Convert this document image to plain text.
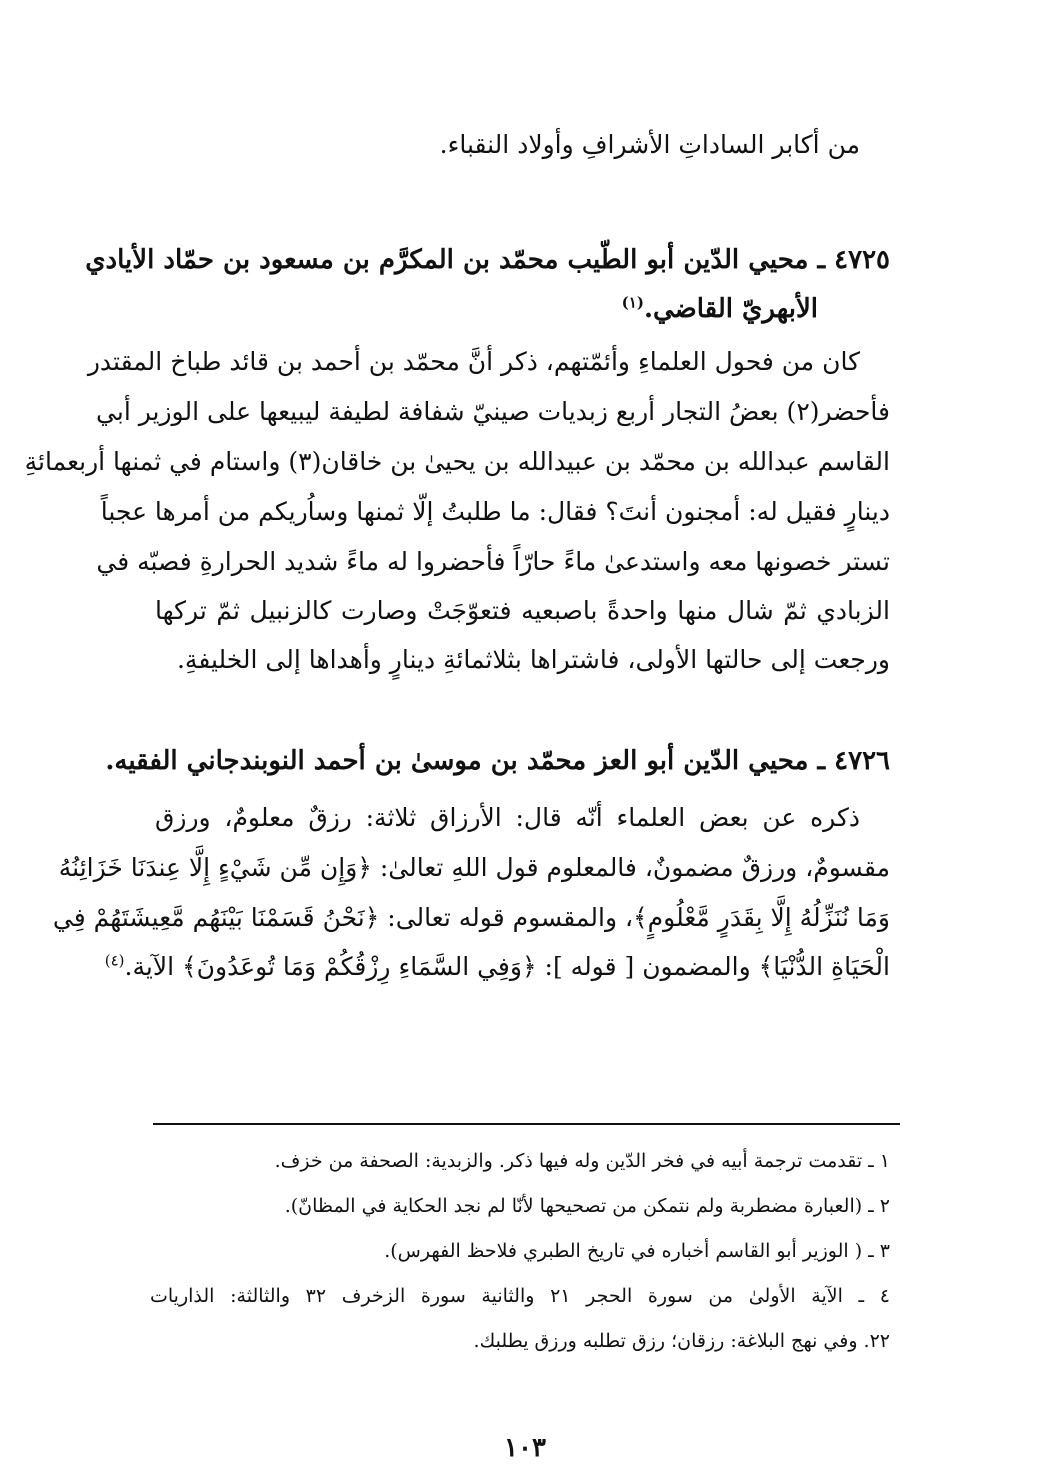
من أكابر الساداتِ الأشرافِ وأولاد النقباء.
٤٧٢٥ ـ محيي الدّين أبو الطّيب محمّد بن المكرَّم بن مسعود بن حمّاد الأيادي
الأبهريّ القاضي.$^{(١)}$
كان من فحول العلماءِ وأئمّتهم، ذكر أنَّ محمّد بن أحمد بن قائد طباخ المقتدر
فأحضر(٢) بعضُ التجار أربع زبديات صينيّ شفافة لطيفة ليبيعها على الوزير أبي
القاسم عبدالله بن محمّد بن عبيدالله بن يحيىٰ بن خاقان(٣) واستام في ثمنها أربعمائةِ
دينارٍ فقيل له: أمجنون أنتَ؟ فقال: ما طلبتُ إلّا ثمنها وساُريكم من أمرها عجباً
تستر خصونها معه واستدعىٰ ماءً حارّاً فأحضروا له ماءً شديد الحرارةِ فصبّه في
الزبادي ثمّ شال منها واحدةً باصبعيه فتعوّجَتْ وصارت كالزنبيل ثمّ تركها
ورجعت إلى حالتها الأولى، فاشتراها بثلاثمائةِ دينارٍ وأهداها إلى الخليفةِ.
٤٧٢٦ ـ محيي الدّين أبو العز محمّد بن موسىٰ بن أحمد النوبندجاني الفقيه.
ذكره عن بعض العلماء أنّه قال: الأرزاق ثلاثة: رزقٌ معلومٌ، ورزق
مقسومٌ، ورزقٌ مضمونٌ، فالمعلوم قول اللهِ تعالىٰ: ﴿وَإِن مِّن شَيْءٍ إِلَّا عِندَنَا خَزَائِنُهُ
وَمَا نُنَزِّلُهُ إِلَّا بِقَدَرٍ مَّعْلُومٍ﴾، والمقسوم قوله تعالى: ﴿نَحْنُ قَسَمْنَا بَيْنَهُم مَّعِيشَتَهُمْ فِي
الْحَيَاةِ الدُّنْيَا﴾ والمضمون [ قوله ]: ﴿وَفِي السَّمَاءِ رِزْقُكُمْ وَمَا تُوعَدُونَ﴾ الآية.$^{(٤)}$
١ ـ تقدمت ترجمة أبيه في فخر الدّين وله فيها ذكر. والزبدية: الصحفة من خزف.
٢ ـ (العبارة مضطربة ولم نتمكن من تصحيحها لأنّا لم نجد الحكاية في المظانّ).
٣ ـ ( الوزير أبو القاسم أخباره في تاريخ الطبري فلاحظ الفهرس).
٤ ـ الآية الأولىٰ من سورة الحجر ٢١ والثانية سورة الزخرف ٣٢ والثالثة: الذاريات
٢٢. وفي نهج البلاغة: رزقان؛ رزق تطلبه ورزق يطلبك.
١٠٣
